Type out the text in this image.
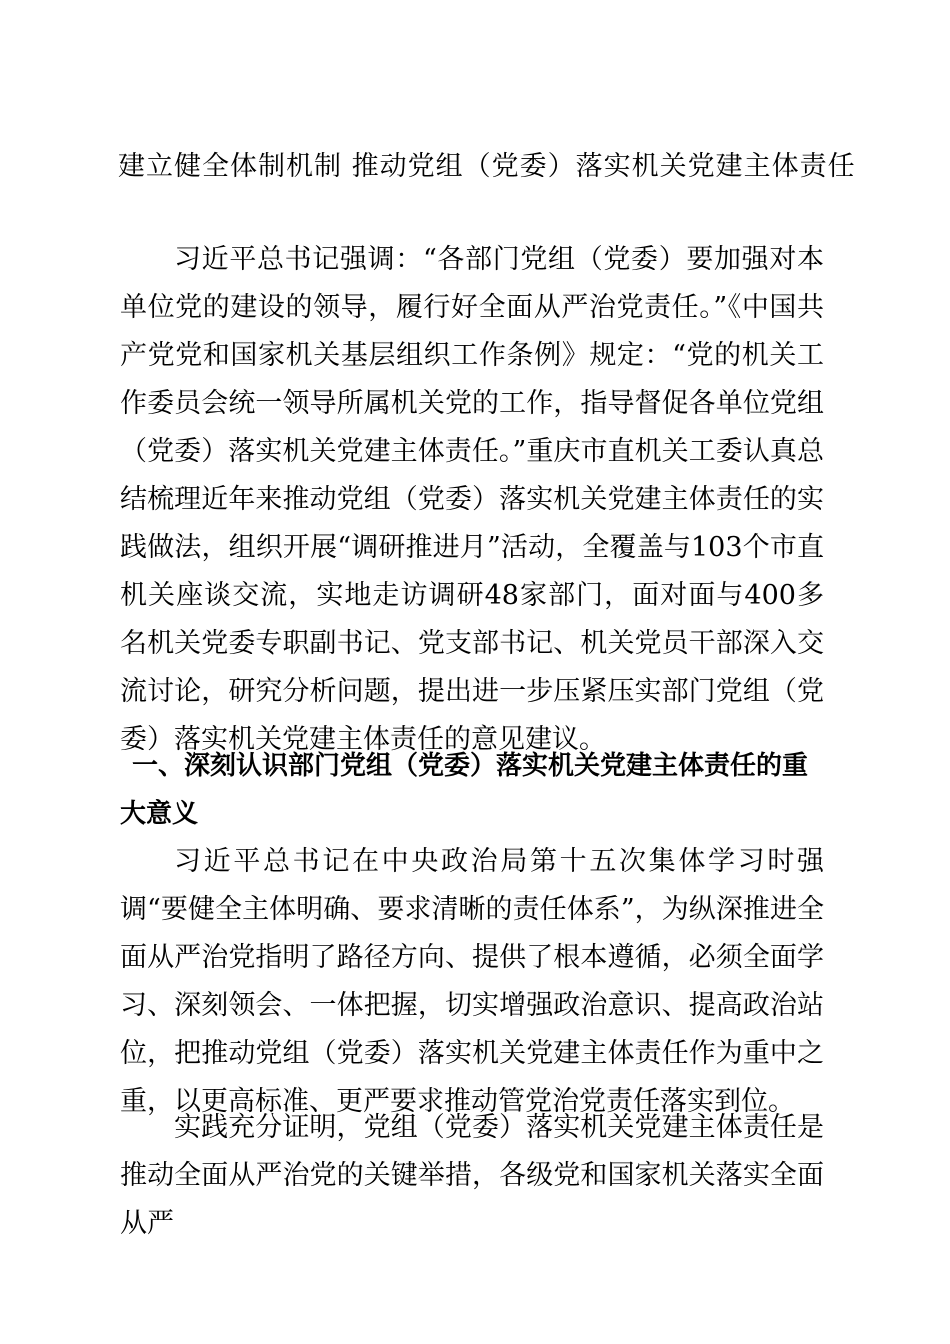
建立健全体制机制 推动党组（党委）落实机关党建主体责任

习近平总书记强调：“各部门党组（党委）要加强对本单位党的建设的领导，履行好全面从严治党责任。”《中国共产党党和国家机关基层组织工作条例》规定：“党的机关工作委员会统一领导所属机关党的工作，指导督促各单位党组（党委）落实机关党建主体责任。”重庆市直机关工委认真总结梳理近年来推动党组（党委）落实机关党建主体责任的实践做法，组织开展“调研推进月”活动，全覆盖与103个市直机关座谈交流，实地走访调研48家部门，面对面与400多名机关党委专职副书记、党支部书记、机关党员干部深入交流讨论，研究分析问题，提出进一步压紧压实部门党组（党委）落实机关党建主体责任的意见建议。

一、深刻认识部门党组（党委）落实机关党建主体责任的重大意义

习近平总书记在中央政治局第十五次集体学习时强调“要健全主体明确、要求清晰的责任体系”，为纵深推进全面从严治党指明了路径方向、提供了根本遵循，必须全面学习、深刻领会、一体把握，切实增强政治意识、提高政治站位，把推动党组（党委）落实机关党建主体责任作为重中之重，以更高标准、更严要求推动管党治党责任落实到位。

实践充分证明，党组（党委）落实机关党建主体责任是推动全面从严治党的关键举措，各级党和国家机关落实全面从严
